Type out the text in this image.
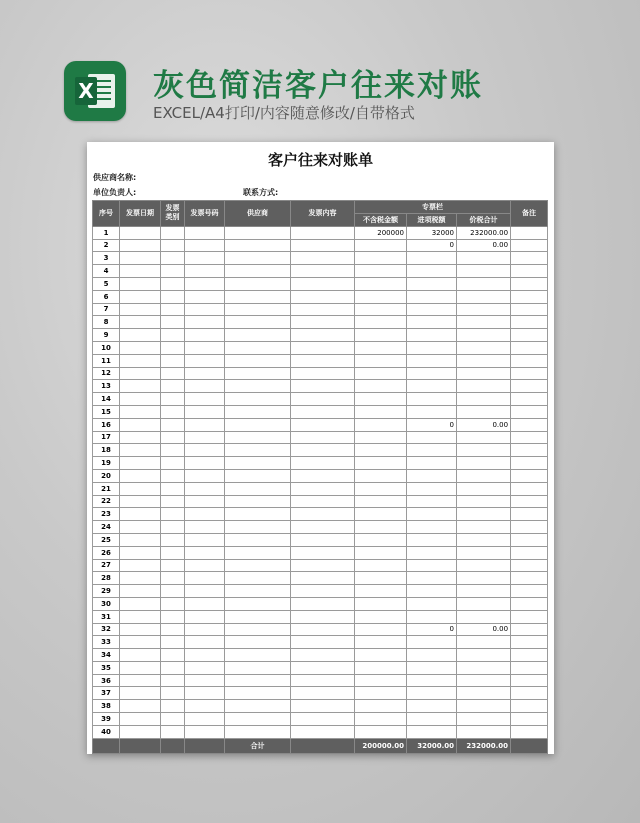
X 灰色简洁客户往来对账
EXCEL/A4打印/内容随意修改/自带格式
客户往来对账单
供应商名称:
单位负责人:	联系方式:
序号	发票日期	发票类别	发票号码	供应商	发票内容	专票栏			备注
						不含税金额	进项税额	价税合计	
1						200000	32000	232000.00	
2							0	0.00	
3									
4									
5									
6									
7									
8									
9									
10									
11									
12									
13									
14									
15									
16							0	0.00	
17									
18									
19									
20									
21									
22									
23									
24									
25									
26									
27									
28									
29									
30									
31									
32							0	0.00	
33									
34									
35									
36									
37									
38									
39									
40									
				合计		200000.00	32000.00	232000.00	
